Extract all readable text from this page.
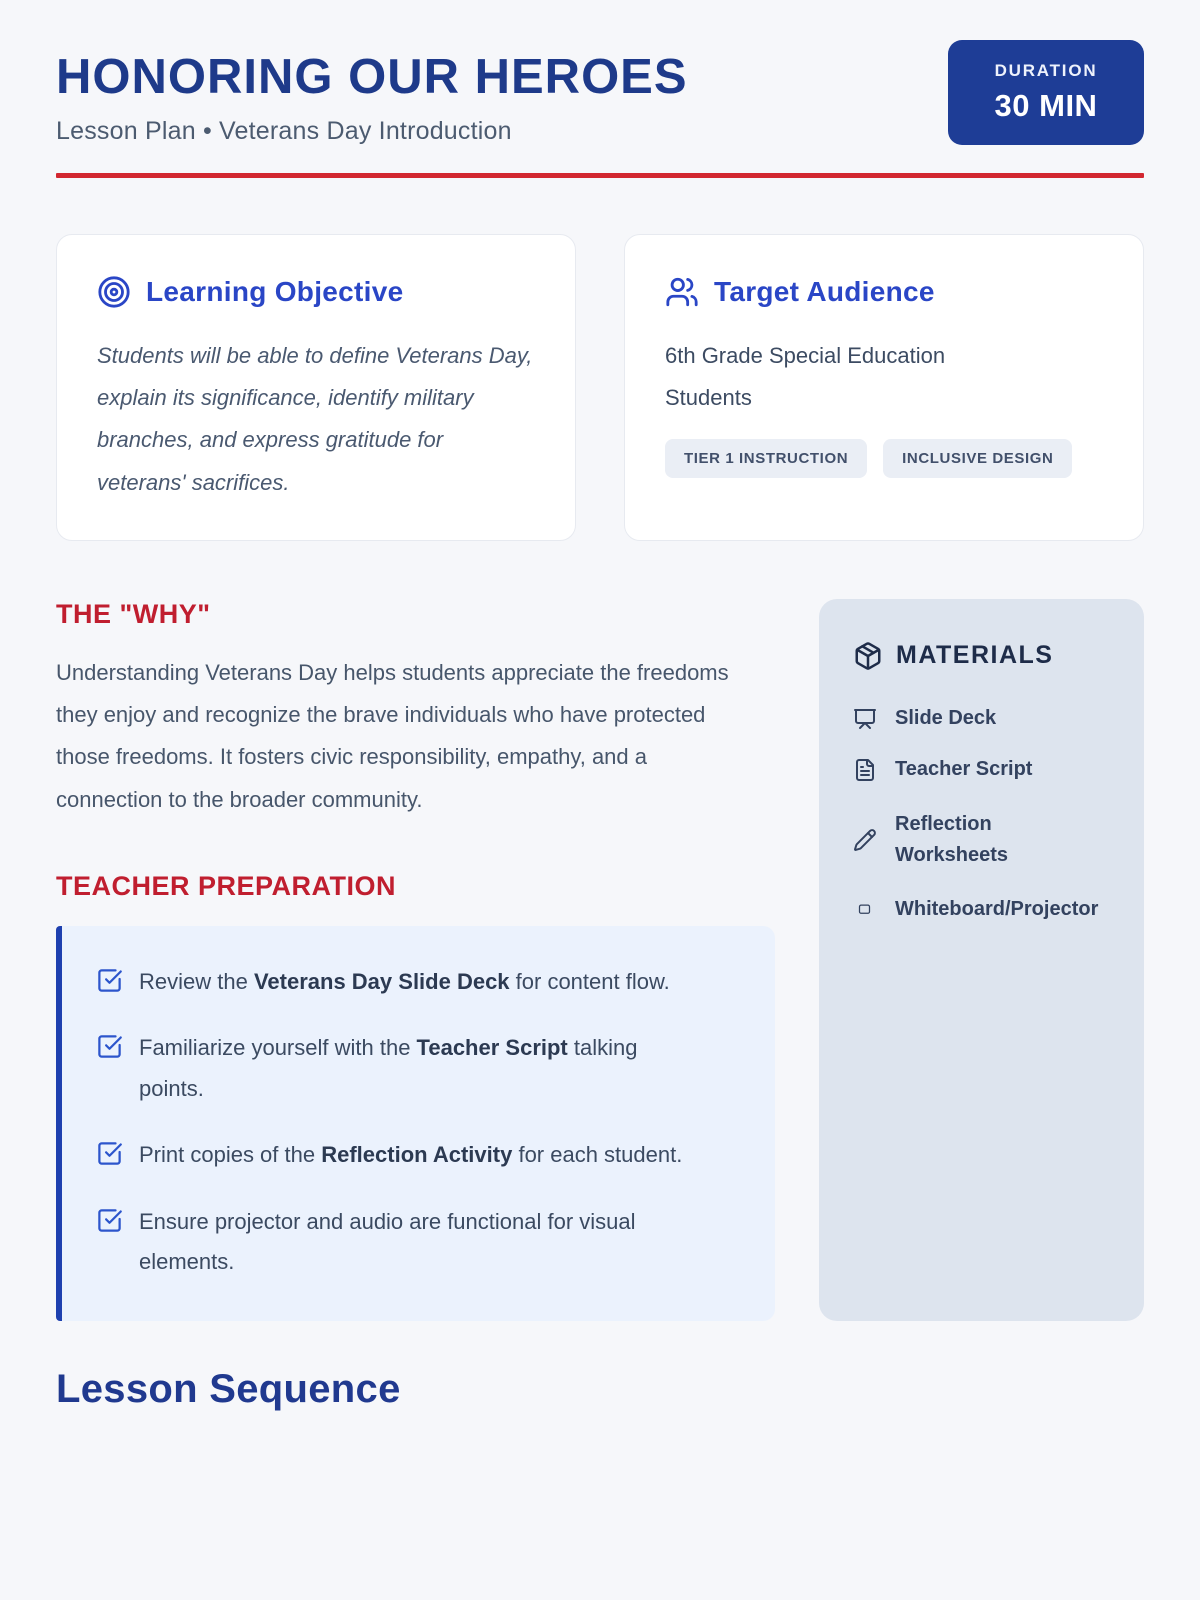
HONORING OUR HEROES
Lesson Plan • Veterans Day Introduction
DURATION
30 MIN
Learning Objective
Students will be able to define Veterans Day, explain its significance, identify military branches, and express gratitude for veterans' sacrifices.
Target Audience
6th Grade Special Education Students
TIER 1 INSTRUCTION	INCLUSIVE DESIGN
THE "WHY"
Understanding Veterans Day helps students appreciate the freedoms they enjoy and recognize the brave individuals who have protected those freedoms. It fosters civic responsibility, empathy, and a connection to the broader community.
TEACHER PREPARATION
Review the Veterans Day Slide Deck for content flow.
Familiarize yourself with the Teacher Script talking points.
Print copies of the Reflection Activity for each student.
Ensure projector and audio are functional for visual elements.
MATERIALS
Slide Deck
Teacher Script
Reflection Worksheets
Whiteboard/Projector
Lesson Sequence
